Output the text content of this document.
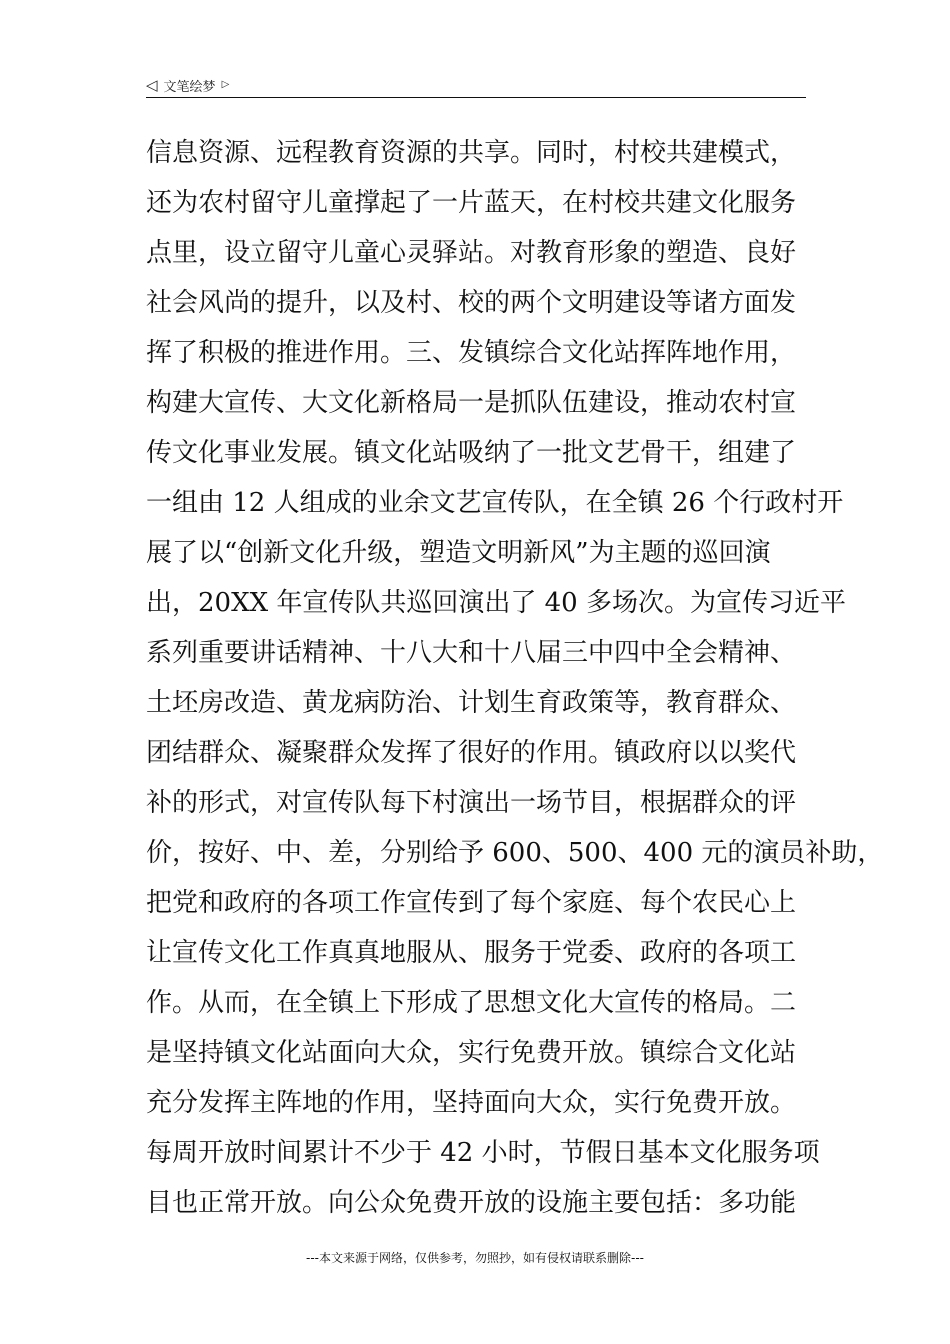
◁ 文笔绘梦 ▷
信息资源、远程教育资源的共享。同时，村校共建模式，
还为农村留守儿童撑起了一片蓝天，在村校共建文化服务
点里，设立留守儿童心灵驿站。对教育形象的塑造、良好
社会风尚的提升，以及村、校的两个文明建设等诸方面发
挥了积极的推进作用。三、发镇综合文化站挥阵地作用，
构建大宣传、大文化新格局一是抓队伍建设，推动农村宣
传文化事业发展。镇文化站吸纳了一批文艺骨干，组建了
一组由 12 人组成的业余文艺宣传队，在全镇 26 个行政村开
展了以“创新文化升级，塑造文明新风”为主题的巡回演
出，20XX 年宣传队共巡回演出了 40 多场次。为宣传习近平
系列重要讲话精神、十八大和十八届三中四中全会精神、
土坯房改造、黄龙病防治、计划生育政策等，教育群众、
团结群众、凝聚群众发挥了很好的作用。镇政府以以奖代
补的形式，对宣传队每下村演出一场节目，根据群众的评
价，按好、中、差，分别给予 600、500、400 元的演员补助，
把党和政府的各项工作宣传到了每个家庭、每个农民心上
让宣传文化工作真真地服从、服务于党委、政府的各项工
作。从而，在全镇上下形成了思想文化大宣传的格局。二
是坚持镇文化站面向大众，实行免费开放。镇综合文化站
充分发挥主阵地的作用，坚持面向大众，实行免费开放。
每周开放时间累计不少于 42 小时，节假日基本文化服务项
目也正常开放。向公众免费开放的设施主要包括：多功能
---本文来源于网络，仅供参考，勿照抄，如有侵权请联系删除---
